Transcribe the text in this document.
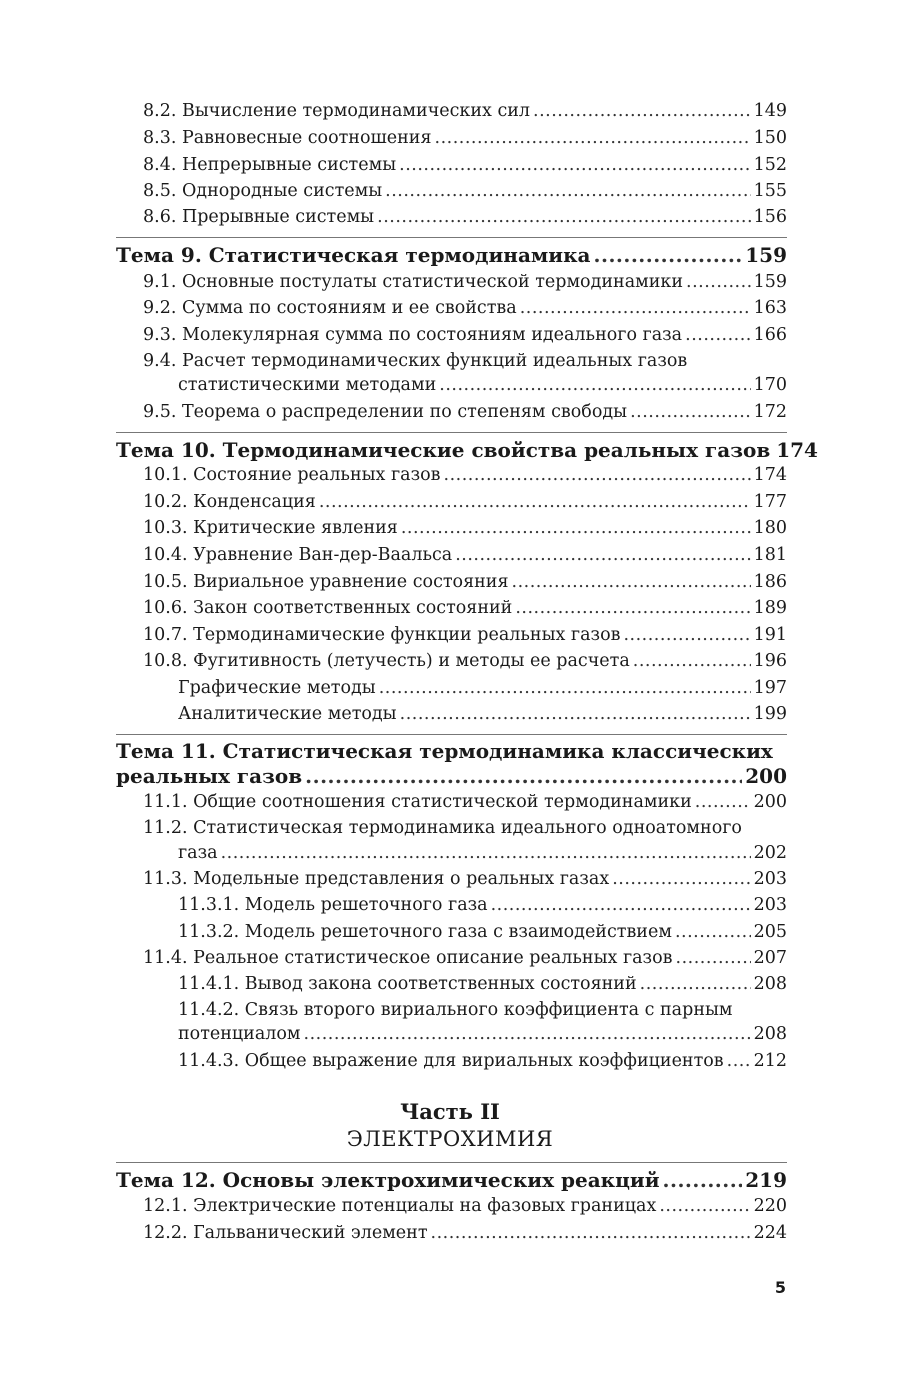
8.2. Вычисление термодинамических сил .....	149
8.3. Равновесные соотношения .....	150
8.4. Непрерывные системы .....	152
8.5. Однородные системы .....	155
8.6. Прерывные системы .....	156
Тема 9. Статистическая термодинамика .....	159
9.1. Основные постулаты статистической термодинамики .....	159
9.2. Сумма по состояниям и ее свойства .....	163
9.3. Молекулярная сумма по состояниям идеального газа .....	166
9.4. Расчет термодинамических функций идеальных газов
статистическими методами .....	170
9.5. Теорема о распределении по степеням свободы .....	172
Тема 10. Термодинамические свойства реальных газов 174
10.1. Состояние реальных газов .....	174
10.2. Конденсация .....	177
10.3. Критические явления .....	180
10.4. Уравнение Ван-дер-Ваальса .....	181
10.5. Вириальное уравнение состояния .....	186
10.6. Закон соответственных состояний .....	189
10.7. Термодинамические функции реальных газов .....	191
10.8. Фугитивность (летучесть) и методы ее расчета .....	196
Графические методы .....	197
Аналитические методы .....	199
Тема 11. Статистическая термодинамика классических
реальных газов .....	200
11.1. Общие соотношения статистической термодинамики .....	200
11.2. Статистическая термодинамика идеального одноатомного
газа .....	202
11.3. Модельные представления о реальных газах .....	203
11.3.1. Модель решеточного газа .....	203
11.3.2. Модель решеточного газа с взаимодействием .....	205
11.4. Реальное статистическое описание реальных газов .....	207
11.4.1. Вывод закона соответственных состояний .....	208
11.4.2. Связь второго вириального коэффициента с парным
потенциалом .....	208
11.4.3. Общее выражение для вириальных коэффициентов ..... 212
Часть II
ЭЛЕКТРОХИМИЯ
Тема 12. Основы электрохимических реакций .....	219
12.1. Электрические потенциалы на фазовых границах .....	220
12.2. Гальванический элемент .....	224
5
